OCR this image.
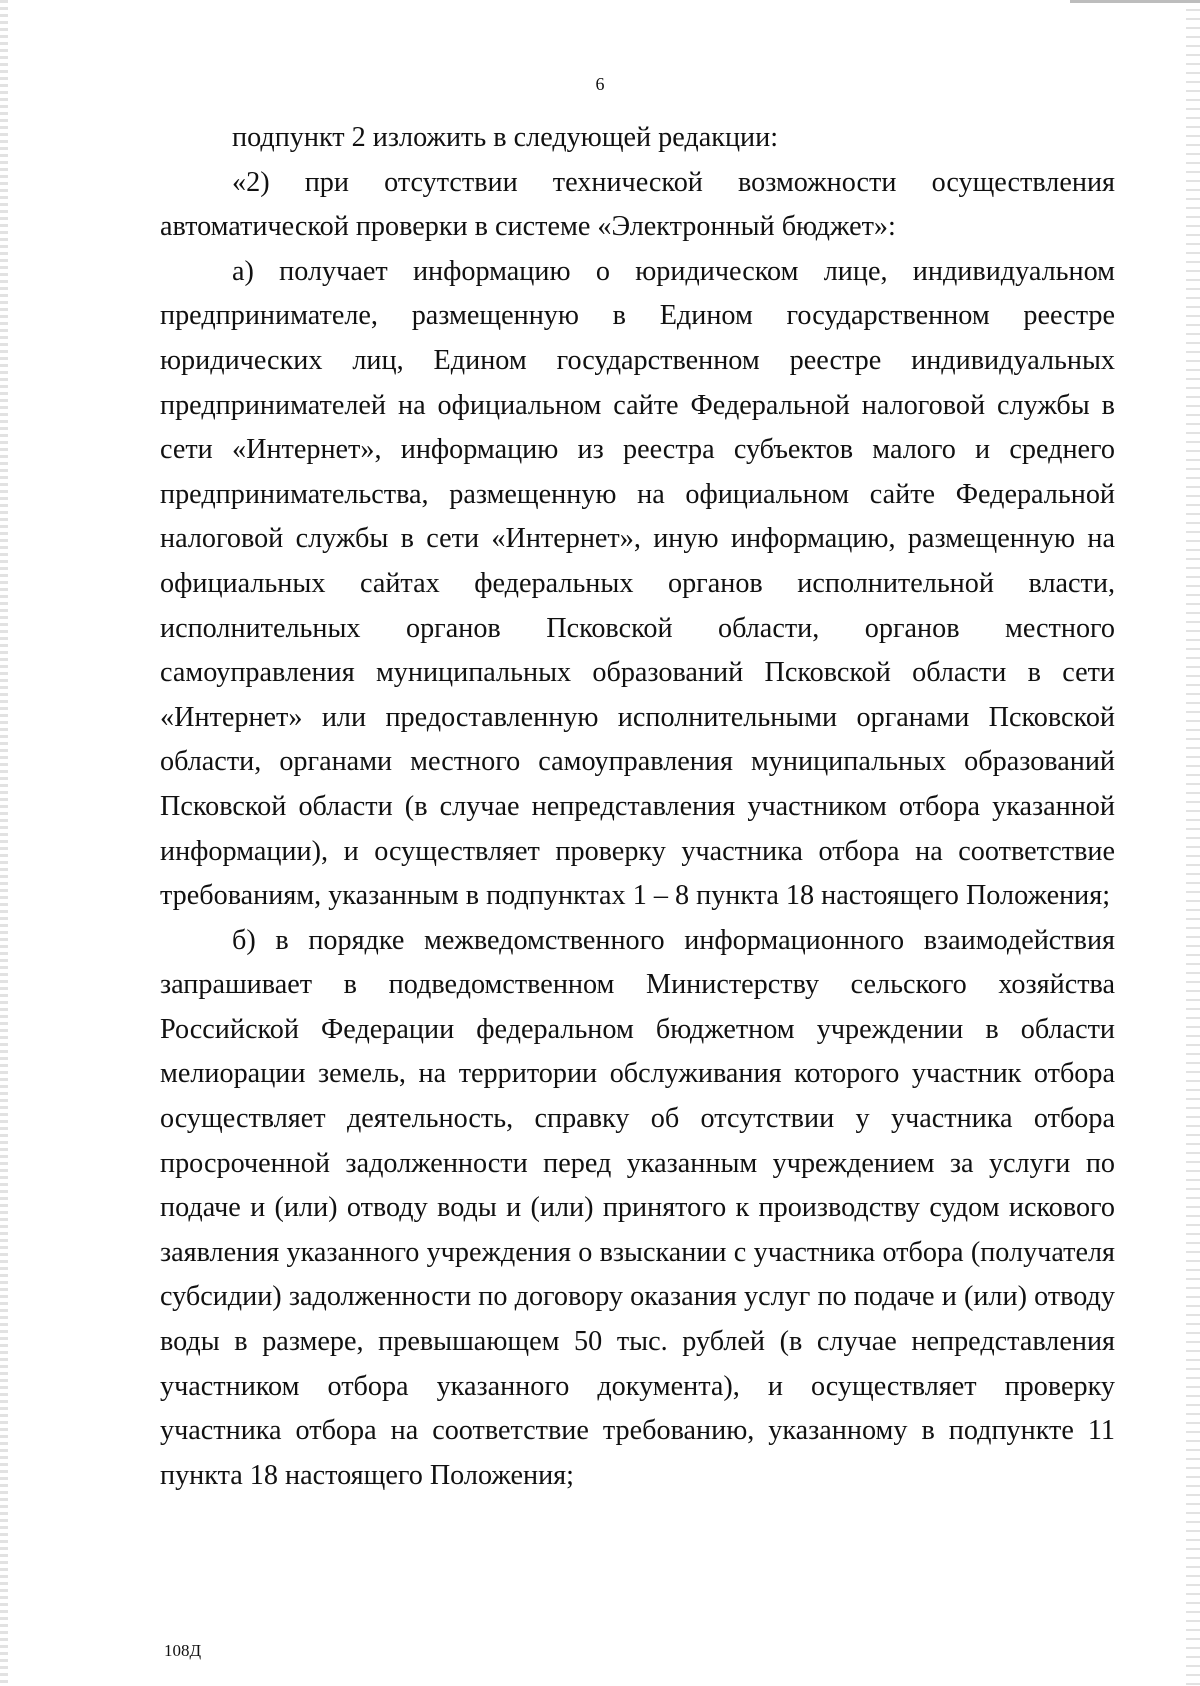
6

подпункт 2 изложить в следующей редакции:

«2) при отсутствии технической возможности осуществления автоматической проверки в системе «Электронный бюджет»:

а) получает информацию о юридическом лице, индивидуальном предпринимателе, размещенную в Едином государственном реестре юридических лиц, Едином государственном реестре индивидуальных предпринимателей на официальном сайте Федеральной налоговой службы в сети «Интернет», информацию из реестра субъектов малого и среднего предпринимательства, размещенную на официальном сайте Федеральной налоговой службы в сети «Интернет», иную информацию, размещенную на официальных сайтах федеральных органов исполнительной власти, исполнительных органов Псковской области, органов местного самоуправления муниципальных образований Псковской области в сети «Интернет» или предоставленную исполнительными органами Псковской области, органами местного самоуправления муниципальных образований Псковской области (в случае непредставления участником отбора указанной информации), и осуществляет проверку участника отбора на соответствие требованиям, указанным в подпунктах 1 – 8 пункта 18 настоящего Положения;

б) в порядке межведомственного информационного взаимодействия запрашивает в подведомственном Министерству сельского хозяйства Российской Федерации федеральном бюджетном учреждении в области мелиорации земель, на территории обслуживания которого участник отбора осуществляет деятельность, справку об отсутствии у участника отбора просроченной задолженности перед указанным учреждением за услуги по подаче и (или) отводу воды и (или) принятого к производству судом искового заявления указанного учреждения о взыскании с участника отбора (получателя субсидии) задолженности по договору оказания услуг по подаче и (или) отводу воды в размере, превышающем 50 тыс. рублей (в случае непредставления участником отбора указанного документа), и осуществляет проверку участника отбора на соответствие требованию, указанному в подпункте 11 пункта 18 настоящего Положения;

108Д
